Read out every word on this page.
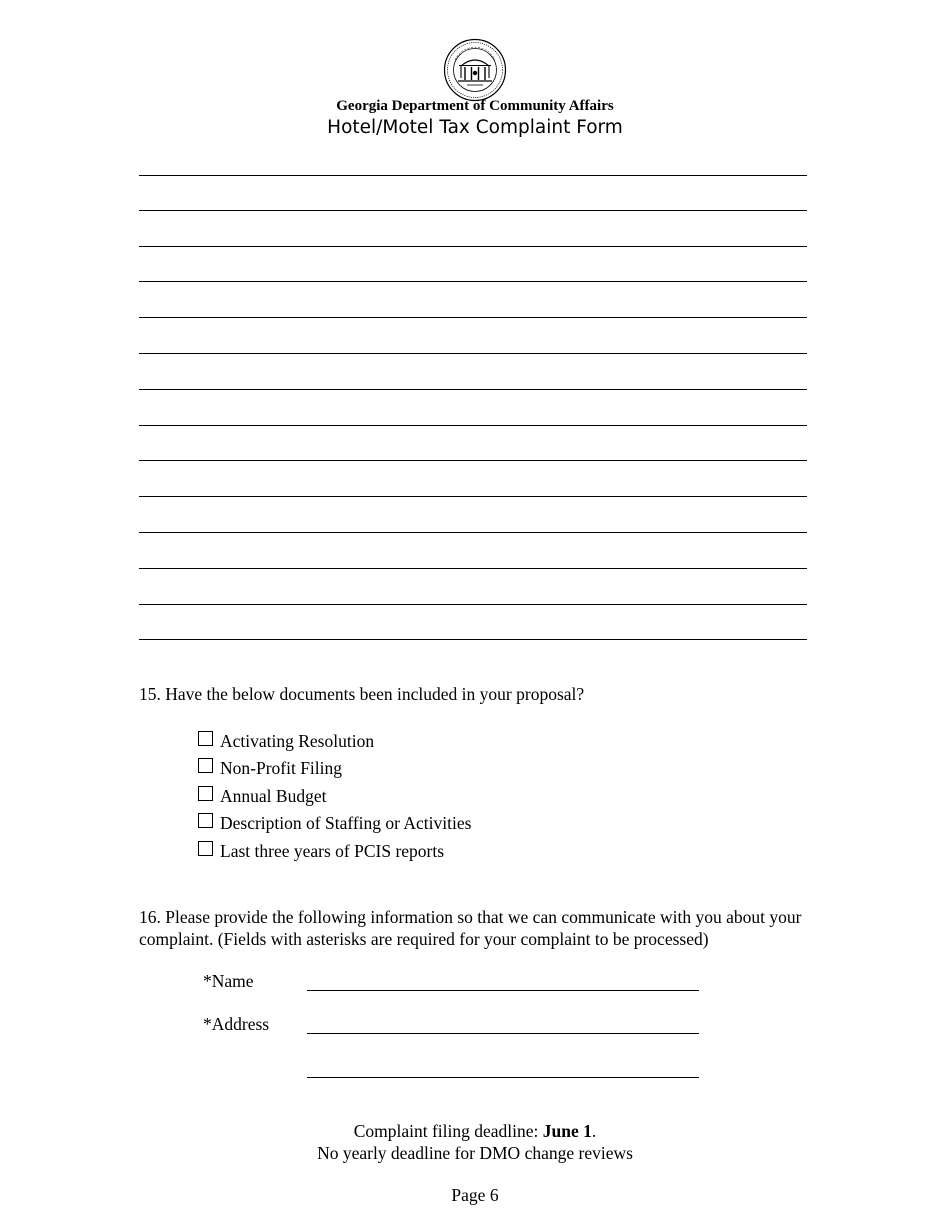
Georgia Department of Community Affairs
Hotel/Motel Tax Complaint Form
15. Have the below documents been included in your proposal?
Activating Resolution
Non-Profit Filing
Annual Budget
Description of Staffing or Activities
Last three years of PCIS reports
16. Please provide the following information so that we can communicate with you about your complaint. (Fields with asterisks are required for your complaint to be processed)
*Name
*Address
Complaint filing deadline: June 1.
No yearly deadline for DMO change reviews
Page 6
